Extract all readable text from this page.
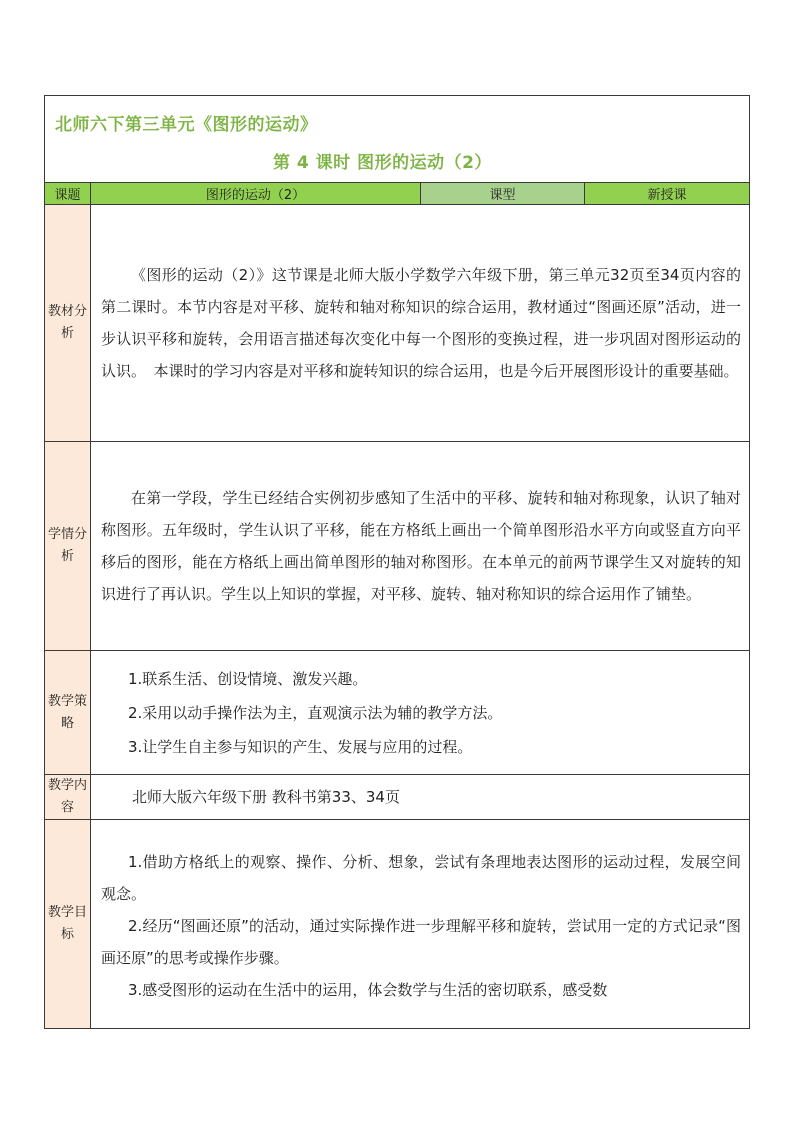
北师六下第三单元《图形的运动》
第 4 课时 图形的运动（2）			

课题	图形的运动（2）	课型	新授课
教材分析	《图形的运动（2）》这节课是北师大版小学数学六年级下册，第三单元32页至34页内容的第二课时。本节内容是对平移、旋转和轴对称知识的综合运用，教材通过“图画还原”活动，进一步认识平移和旋转，会用语言描述每次变化中每一个图形的变换过程，进一步巩固对图形运动的认识。　本课时的学习内容是对平移和旋转知识的综合运用，也是今后开展图形设计的重要基础。		

学情分析	在第一学段，学生已经结合实例初步感知了生活中的平移、旋转和轴对称现象，认识了轴对称图形。五年级时，学生认识了平移，能在方格纸上画出一个简单图形沿水平方向或竖直方向平移后的图形，能在方格纸上画出简单图形的轴对称图形。在本单元的前两节课学生又对旋转的知识进行了再认识。学生以上知识的掌握，对平移、旋转、轴对称知识的综合运用作了铺垫。		

教学策略	1.联系生活、创设情境、激发兴趣。

2.采用以动手操作法为主，直观演示法为辅的教学方法。

3.让学生自主参与知识的产生、发展与应用的过程。		

教学内容	北师大版六年级下册 教科书第33、34页		

教学目标	1.借助方格纸上的观察、操作、分析、想象，尝试有条理地表达图形的运动过程，发展空间观念。

2.经历“图画还原”的活动，通过实际操作进一步理解平移和旋转，尝试用一定的方式记录“图画还原”的思考或操作步骤。

3.感受图形的运动在生活中的运用，体会数学与生活的密切联系，感受数		
